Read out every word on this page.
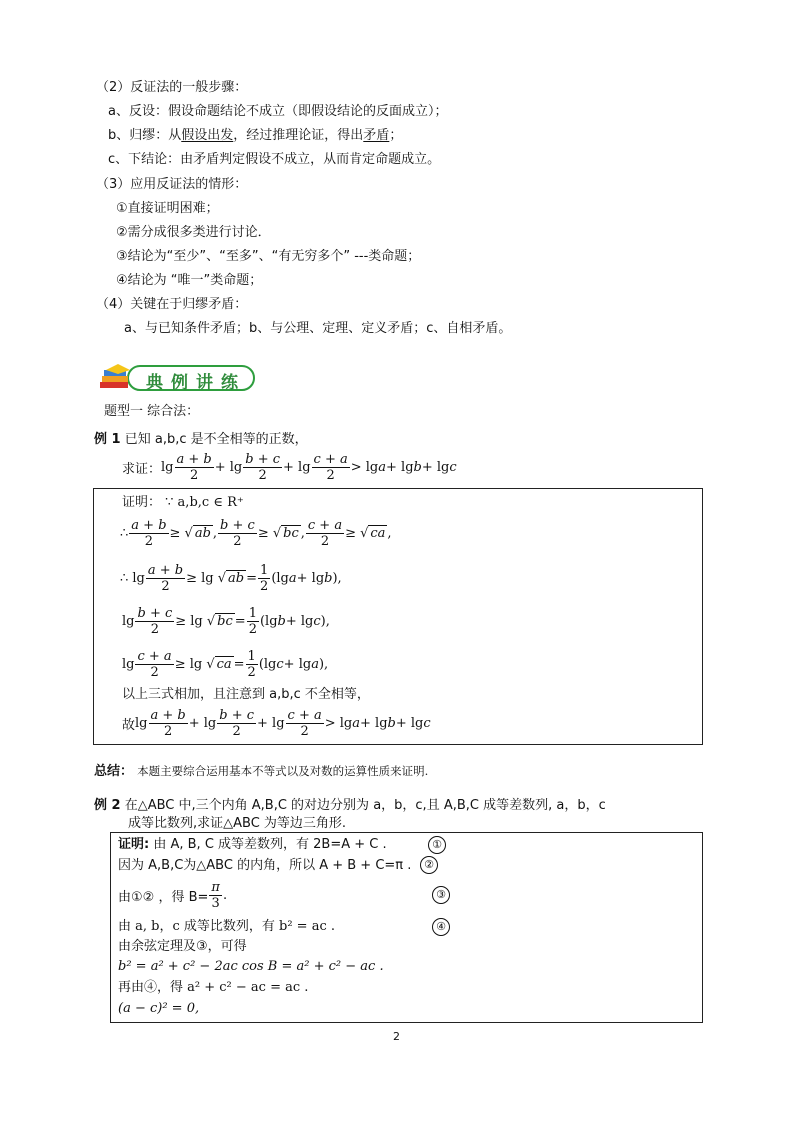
（2）反证法的一般步骤：
a、反设：假设命题结论不成立（即假设结论的反面成立）；
b、归缪：从假设出发，经过推理论证，得出矛盾；
c、下结论：由矛盾判定假设不成立，从而肯定命题成立。
（3）应用反证法的情形：
①直接证明困难；
②需分成很多类进行讨论．
③结论为“至少”、“至多”、“有无穷多个” ---类命题；
④结论为 “唯一”类命题；
（4）关键在于归缪矛盾：
a、与已知条件矛盾；b、与公理、定理、定义矛盾；c、自相矛盾。
典例讲练
题型一 综合法：
例 1 已知 a,b,c 是不全相等的正数，
求证： $\lg \frac{a + b}{2} + \lg \frac{b + c}{2} + \lg \frac{c + a}{2} > \lg a + \lg b + \lg c$
证明： ∵ a,b,c ∈ R⁺
∴ $\frac{a + b}{2}$ ≥ √ ab , $\frac{b + c}{2}$ ≥ √ bc , $\frac{c + a}{2}$ ≥ √ ca ,
∴ $\lg \frac{a + b}{2} \ge \lg$ √ ab = $\frac{1}{2} (\lg$ a + lg b ),
$\lg \frac{b + c}{2} \ge \lg$ √ bc = $\frac{1}{2} (\lg$ b + lg c ),
$\lg \frac{c + a}{2} \ge \lg$ √ ca = $\frac{1}{2} (\lg$ c + lg a ),
以上三式相加，且注意到 a,b,c 不全相等，
故 $\lg \frac{a + b}{2} + \lg \frac{b + c}{2} + \lg \frac{c + a}{2} > \lg a + \lg b + \lg c$
总结： 本题主要综合运用基本不等式以及对数的运算性质来证明.
例 2 在△ABC 中,三个内角 A,B,C 的对边分别为 a，b，c,且 A,B,C 成等差数列, a，b，c
成等比数列,求证△ABC 为等边三角形.
证明: 由 A, B, C 成等差数列，有 2B=A + C .	①
因为 A,B,C为△ABC 的内角，所以 A + B + C=π .	②
由①② ，得 $B= \frac{\pi}{3}$ .	③
由 a, b，c 成等比数列，有 b² = ac .	④
由余弦定理及③，可得
b² = a² + c² − 2ac cos B = a² + c² − ac .
再由④，得 a² + c² − ac = ac .
(a − c)² = 0,
2
